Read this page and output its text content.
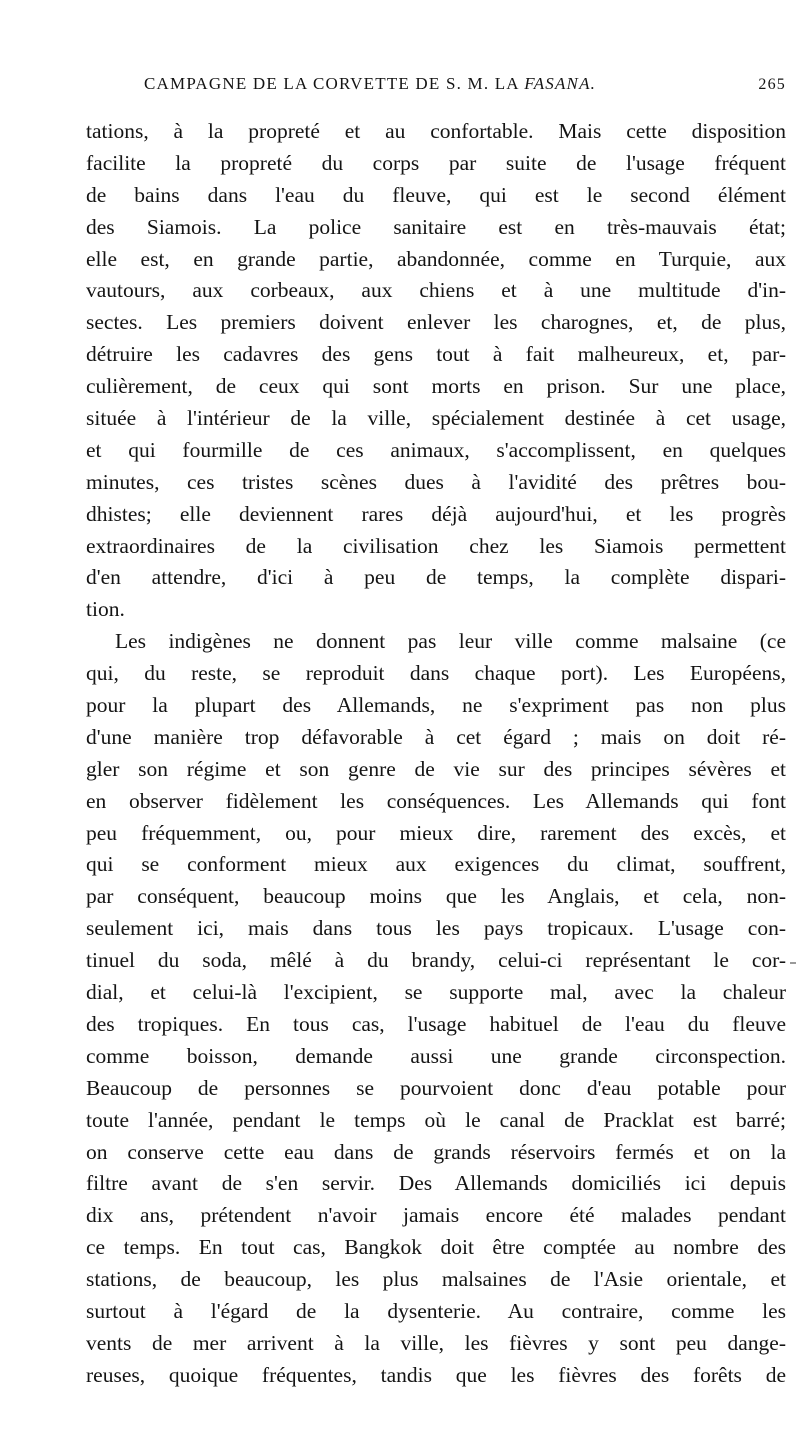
CAMPAGNE DE LA CORVETTE DE S. M. LA FASANA.	265
tations, à la propreté et au confortable. Mais cette disposition
facilite la propreté du corps par suite de l'usage fréquent
de bains dans l'eau du fleuve, qui est le second élément
des Siamois. La police sanitaire est en très-mauvais état;
elle est, en grande partie, abandonnée, comme en Turquie, aux
vautours, aux corbeaux, aux chiens et à une multitude d'in-
sectes. Les premiers doivent enlever les charognes, et, de plus,
détruire les cadavres des gens tout à fait malheureux, et, par-
culièrement, de ceux qui sont morts en prison. Sur une place,
située à l'intérieur de la ville, spécialement destinée à cet usage,
et qui fourmille de ces animaux, s'accomplissent, en quelques
minutes, ces tristes scènes dues à l'avidité des prêtres bou-
dhistes; elle deviennent rares déjà aujourd'hui, et les progrès
extraordinaires de la civilisation chez les Siamois permettent
d'en attendre, d'ici à peu de temps, la complète dispari-
tion.
Les indigènes ne donnent pas leur ville comme malsaine (ce
qui, du reste, se reproduit dans chaque port). Les Européens,
pour la plupart des Allemands, ne s'expriment pas non plus
d'une manière trop défavorable à cet égard ; mais on doit ré-
gler son régime et son genre de vie sur des principes sévères et
en observer fidèlement les conséquences. Les Allemands qui font
peu fréquemment, ou, pour mieux dire, rarement des excès, et
qui se conforment mieux aux exigences du climat, souffrent,
par conséquent, beaucoup moins que les Anglais, et cela, non-
seulement ici, mais dans tous les pays tropicaux. L'usage con-
tinuel du soda, mêlé à du brandy, celui-ci représentant le cor-
dial, et celui-là l'excipient, se supporte mal, avec la chaleur
des tropiques. En tous cas, l'usage habituel de l'eau du fleuve
comme boisson, demande aussi une grande circonspection.
Beaucoup de personnes se pourvoient donc d'eau potable pour
toute l'année, pendant le temps où le canal de Pracklat est barré;
on conserve cette eau dans de grands réservoirs fermés et on la
filtre avant de s'en servir. Des Allemands domiciliés ici depuis
dix ans, prétendent n'avoir jamais encore été malades pendant
ce temps. En tout cas, Bangkok doit être comptée au nombre des
stations, de beaucoup, les plus malsaines de l'Asie orientale, et
surtout à l'égard de la dysenterie. Au contraire, comme les
vents de mer arrivent à la ville, les fièvres y sont peu dange-
reuses, quoique fréquentes, tandis que les fièvres des forêts de
